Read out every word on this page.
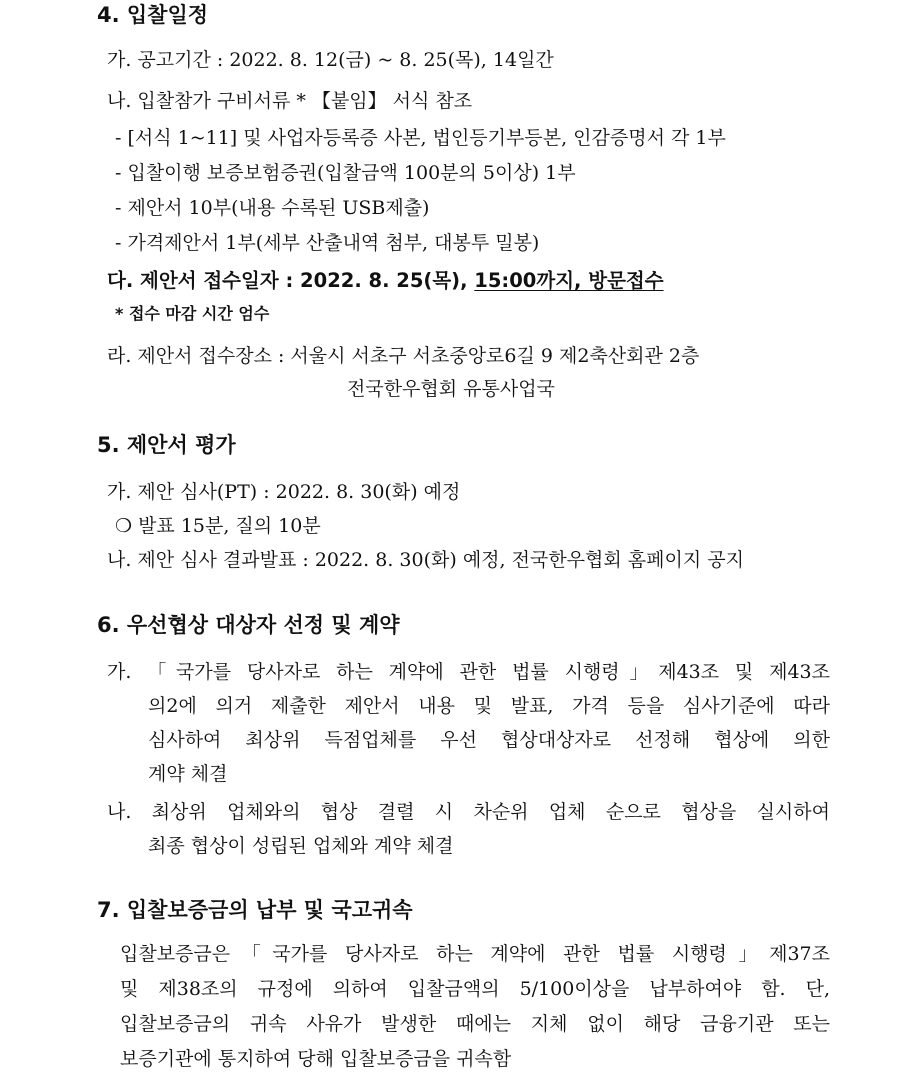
4. 입찰일정
가. 공고기간 : 2022. 8. 12(금) ~ 8. 25(목), 14일간
나. 입찰참가 구비서류 * 【붙임】 서식 참조
- [서식 1~11] 및 사업자등록증 사본, 법인등기부등본, 인감증명서 각 1부
- 입찰이행 보증보험증권(입찰금액 100분의 5이상) 1부
- 제안서 10부(내용 수록된 USB제출)
- 가격제안서 1부(세부 산출내역 첨부, 대봉투 밀봉)
다. 제안서 접수일자 : 2022. 8. 25(목), 15:00까지, 방문접수
* 접수 마감 시간 엄수
라. 제안서 접수장소 : 서울시 서초구 서초중앙로6길 9 제2축산회관 2층
전국한우협회 유통사업국
5. 제안서 평가
가. 제안 심사(PT) : 2022. 8. 30(화) 예정
❍ 발표 15분, 질의 10분
나. 제안 심사 결과발표 : 2022. 8. 30(화) 예정, 전국한우협회 홈페이지 공지
6. 우선협상 대상자 선정 및 계약
가. 「국가를 당사자로 하는 계약에 관한 법률 시행령」제43조 및 제43조
의2에 의거 제출한 제안서 내용 및 발표, 가격 등을 심사기준에 따라
심사하여 최상위 득점업체를 우선 협상대상자로 선정해 협상에 의한
계약 체결
나. 최상위 업체와의 협상 결렬 시 차순위 업체 순으로 협상을 실시하여
최종 협상이 성립된 업체와 계약 체결
7. 입찰보증금의 납부 및 국고귀속
입찰보증금은「국가를 당사자로 하는 계약에 관한 법률 시행령」제37조
및 제38조의 규정에 의하여 입찰금액의 5/100이상을 납부하여야 함. 단,
입찰보증금의 귀속 사유가 발생한 때에는 지체 없이 해당 금융기관 또는
보증기관에 통지하여 당해 입찰보증금을 귀속함
